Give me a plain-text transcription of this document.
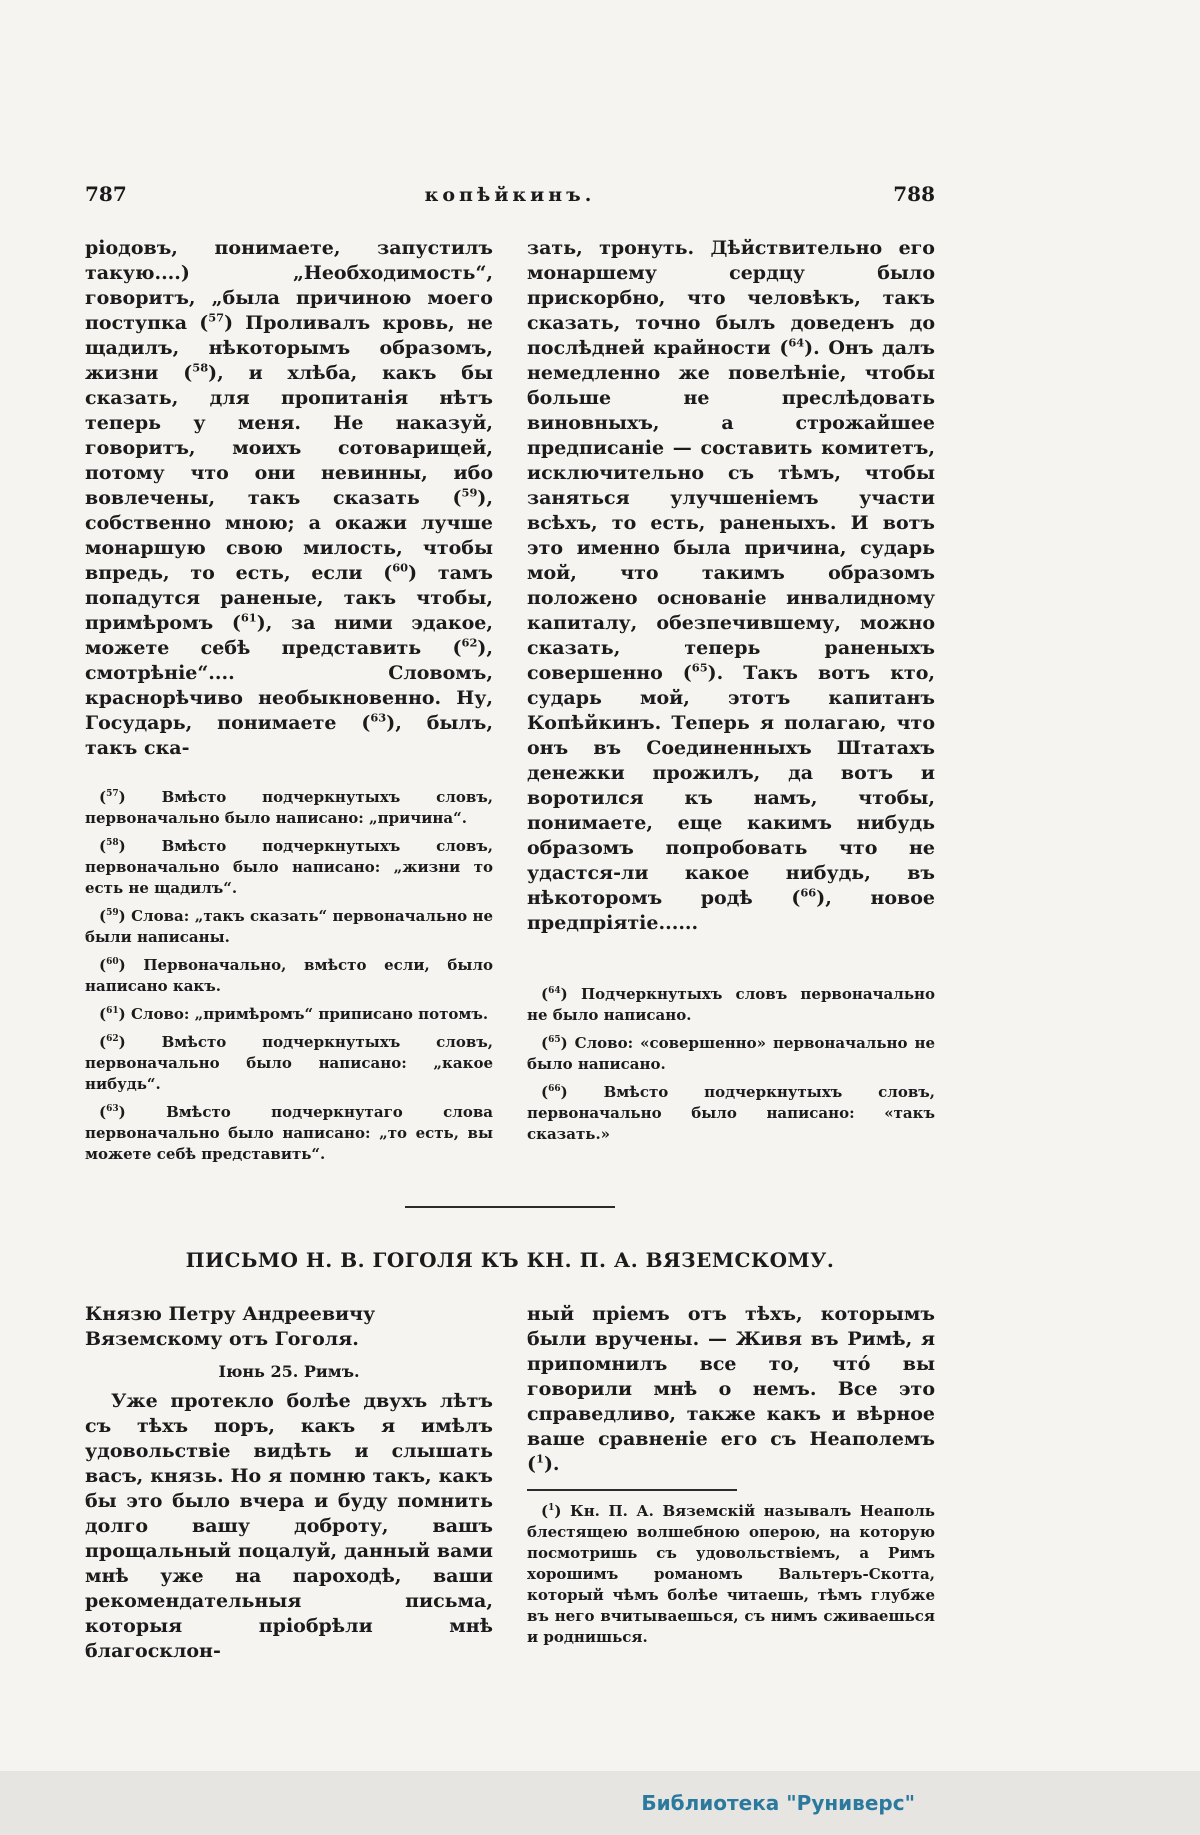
787	копѣйкинъ.	788

ріодовъ, понимаете, запустилъ такую....) „Необходимость“, говоритъ, „была причиною моего поступка ($^{57}$) Проливалъ кровь, не щадилъ, нѣкоторымъ образомъ, жизни ($^{58}$), и хлѣба, какъ бы сказать, для пропитанія нѣтъ теперь у меня. Не наказуй, говоритъ, моихъ сотоварищей, потому что они невинны, ибо вовлечены, такъ сказать ($^{59}$), собственно мною; а окажи лучше монаршую свою милость, чтобы впредь, то есть, если ($^{60}$) тамъ попадутся раненые, такъ чтобы, примѣромъ ($^{61}$), за ними эдакое, можете себѣ представить ($^{62}$), смотрѣніе“.... Словомъ, краснорѣчиво необыкновенно. Ну, Государь, понимаете ($^{63}$), былъ, такъ ска-

($^{57}$) Вмѣсто подчеркнутыхъ словъ, первоначально было написано: „причина“.

($^{58}$) Вмѣсто подчеркнутыхъ словъ, первоначально было написано: „жизни то есть не щадилъ“.

($^{59}$) Слова: „такъ сказать“ первоначально не были написаны.

($^{60}$) Первоначально, вмѣсто если, было написано какъ.

($^{61}$) Слово: „примѣромъ“ приписано потомъ.

($^{62}$) Вмѣсто подчеркнутыхъ словъ, первоначально было написано: „какое нибудь“.

($^{63}$) Вмѣсто подчеркнутаго слова первоначально было написано: „то есть, вы можете себѣ представить“.

зать, тронуть. Дѣйствительно его монаршему сердцу было прискорбно, что человѣкъ, такъ сказать, точно былъ доведенъ до послѣдней крайности ($^{64}$). Онъ далъ немедленно же повелѣніе, чтобы больше не преслѣдовать виновныхъ, а строжайшее предписаніе — составить комитетъ, исключительно съ тѣмъ, чтобы заняться улучшеніемъ участи всѣхъ, то есть, раненыхъ. И вотъ это именно была причина, сударь мой, что такимъ образомъ положено основаніе инвалидному капиталу, обезпечившему, можно сказать, теперь раненыхъ совершенно ($^{65}$). Такъ вотъ кто, сударь мой, этотъ капитанъ Копѣйкинъ. Теперь я полагаю, что онъ въ Соединенныхъ Штатахъ денежки прожилъ, да вотъ и воротился къ намъ, чтобы, понимаете, еще какимъ нибудь образомъ попробовать что не удастся-ли какое нибудь, въ нѣкоторомъ родѣ ($^{66}$), новое предпріятіе......

($^{64}$) Подчеркнутыхъ словъ первоначально не было написано.

($^{65}$) Слово: «совершенно» первоначально не было написано.

($^{66}$) Вмѣсто подчеркнутыхъ словъ, первоначально было написано: «такъ сказать.»

ПИСЬМО Н. В. ГОГОЛЯ КЪ КН. П. А. ВЯЗЕМСКОМУ.

Князю Петру Андреевичу Вяземскому отъ Гоголя.

Іюнь 25. Римъ.

Уже протекло болѣе двухъ лѣтъ съ тѣхъ поръ, какъ я имѣлъ удовольствіе видѣть и слышать васъ, князь. Но я помню такъ, какъ бы это было вчера и буду помнить долго вашу доброту, вашъ прощальный поцалуй, данный вами мнѣ уже на пароходѣ, ваши рекомендательныя письма, которыя пріобрѣли мнѣ благосклон-

ный пріемъ отъ тѣхъ, которымъ были вручены. — Живя въ Римѣ, я припомнилъ все то, чтó вы говорили мнѣ о немъ. Все это справедливо, также какъ и вѣрное ваше сравненіе его съ Неаполемъ ($^1$).

($^1$) Кн. П. А. Вяземскій называлъ Неаполь блестящею волшебною оперою, на которую посмотришь съ удовольствіемъ, а Римъ хорошимъ романомъ Вальтеръ-Скотта, который чѣмъ болѣе читаешь, тѣмъ глубже въ него вчитываешься, съ нимъ сживаешься и роднишься.

Библиотека "Руниверс"
